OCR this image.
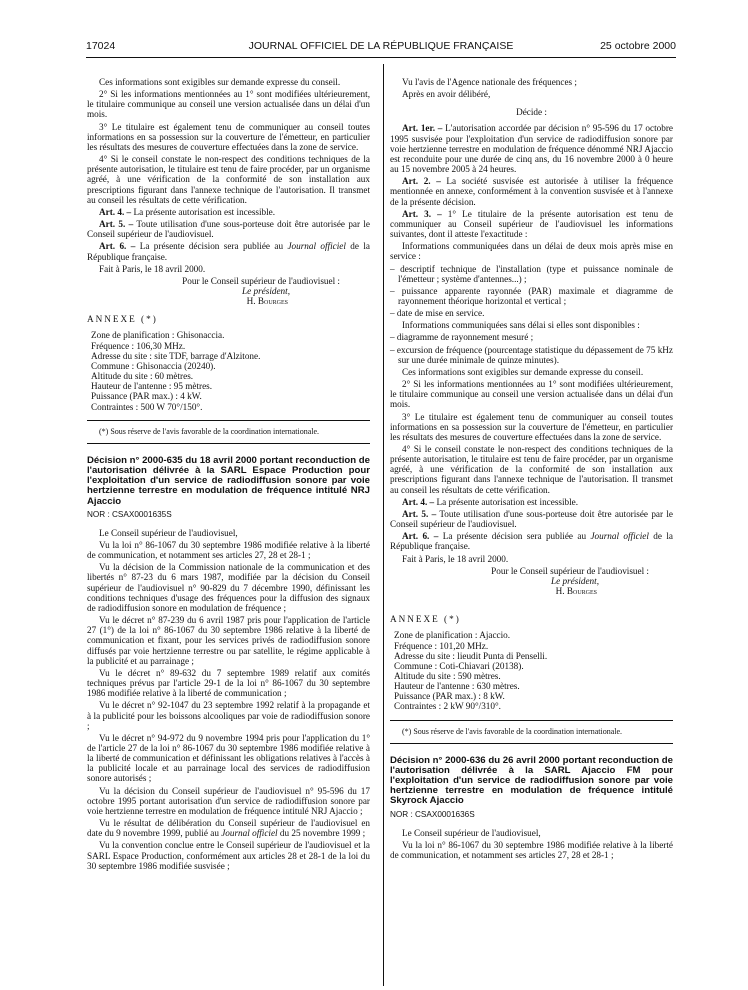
17024	JOURNAL OFFICIEL DE LA RÉPUBLIQUE FRANÇAISE	25 octobre 2000

Ces informations sont exigibles sur demande expresse du conseil.

2° Si les informations mentionnées au 1° sont modifiées ultérieurement, le titulaire communique au conseil une version actualisée dans un délai d'un mois.

3° Le titulaire est également tenu de communiquer au conseil toutes informations en sa possession sur la couverture de l'émetteur, en particulier les résultats des mesures de couverture effectuées dans la zone de service.

4° Si le conseil constate le non-respect des conditions techniques de la présente autorisation, le titulaire est tenu de faire procéder, par un organisme agréé, à une vérification de la conformité de son installation aux prescriptions figurant dans l'annexe technique de l'autorisation. Il transmet au conseil les résultats de cette vérification.

Art. 4. – La présente autorisation est incessible.

Art. 5. – Toute utilisation d'une sous-porteuse doit être autorisée par le Conseil supérieur de l'audiovisuel.

Art. 6. – La présente décision sera publiée au Journal officiel de la République française.

Fait à Paris, le 18 avril 2000.

Pour le Conseil supérieur de l'audiovisuel :

Le président,

H. Bourges

ANNEXE (*)

Zone de planification : Ghisonaccia.

Fréquence : 106,30 MHz.

Adresse du site : site TDF, barrage d'Alzitone.

Commune : Ghisonaccia (20240).

Altitude du site : 60 mètres.

Hauteur de l'antenne : 95 mètres.

Puissance (PAR max.) : 4 kW.

Contraintes : 500 W 70°/150°.

(*) Sous réserve de l'avis favorable de la coordination internationale.

Décision n° 2000-635 du 18 avril 2000 portant reconduction de l'autorisation délivrée à la SARL Espace Production pour l'exploitation d'un service de radiodiffusion sonore par voie hertzienne terrestre en modulation de fréquence intitulé NRJ Ajaccio

NOR : CSAX0001635S

Le Conseil supérieur de l'audiovisuel,

Vu la loi n° 86-1067 du 30 septembre 1986 modifiée relative à la liberté de communication, et notamment ses articles 27, 28 et 28-1 ;

Vu la décision de la Commission nationale de la communication et des libertés n° 87-23 du 6 mars 1987, modifiée par la décision du Conseil supérieur de l'audiovisuel n° 90-829 du 7 décembre 1990, définissant les conditions techniques d'usage des fréquences pour la diffusion des signaux de radiodiffusion sonore en modulation de fréquence ;

Vu le décret n° 87-239 du 6 avril 1987 pris pour l'application de l'article 27 (1°) de la loi n° 86-1067 du 30 septembre 1986 relative à la liberté de communication et fixant, pour les services privés de radiodiffusion sonore diffusés par voie hertzienne terrestre ou par satellite, le régime applicable à la publicité et au parrainage ;

Vu le décret n° 89-632 du 7 septembre 1989 relatif aux comités techniques prévus par l'article 29-1 de la loi n° 86-1067 du 30 septembre 1986 modifiée relative à la liberté de communication ;

Vu le décret n° 92-1047 du 23 septembre 1992 relatif à la propagande et à la publicité pour les boissons alcooliques par voie de radiodiffusion sonore ;

Vu le décret n° 94-972 du 9 novembre 1994 pris pour l'application du 1° de l'article 27 de la loi n° 86-1067 du 30 septembre 1986 modifiée relative à la liberté de communication et définissant les obligations relatives à l'accès à la publicité locale et au parrainage local des services de radiodiffusion sonore autorisés ;

Vu la décision du Conseil supérieur de l'audiovisuel n° 95-596 du 17 octobre 1995 portant autorisation d'un service de radiodiffusion sonore par voie hertzienne terrestre en modulation de fréquence intitulé NRJ Ajaccio ;

Vu le résultat de délibération du Conseil supérieur de l'audiovisuel en date du 9 novembre 1999, publié au Journal officiel du 25 novembre 1999 ;

Vu la convention conclue entre le Conseil supérieur de l'audiovisuel et la SARL Espace Production, conformément aux articles 28 et 28-1 de la loi du 30 septembre 1986 modifiée susvisée ;

Vu l'avis de l'Agence nationale des fréquences ;

Après en avoir délibéré,

Décide :

Art. 1er. – L'autorisation accordée par décision n° 95-596 du 17 octobre 1995 susvisée pour l'exploitation d'un service de radiodiffusion sonore par voie hertzienne terrestre en modulation de fréquence dénommé NRJ Ajaccio est reconduite pour une durée de cinq ans, du 16 novembre 2000 à 0 heure au 15 novembre 2005 à 24 heures.

Art. 2. – La société susvisée est autorisée à utiliser la fréquence mentionnée en annexe, conformément à la convention susvisée et à l'annexe de la présente décision.

Art. 3. – 1° Le titulaire de la présente autorisation est tenu de communiquer au Conseil supérieur de l'audiovisuel les informations suivantes, dont il atteste l'exactitude :

Informations communiquées dans un délai de deux mois après mise en service :

– descriptif technique de l'installation (type et puissance nominale de l'émetteur ; système d'antennes...) ;

– puissance apparente rayonnée (PAR) maximale et diagramme de rayonnement théorique horizontal et vertical ;

– date de mise en service.

Informations communiquées sans délai si elles sont disponibles :

– diagramme de rayonnement mesuré ;

– excursion de fréquence (pourcentage statistique du dépassement de 75 kHz sur une durée minimale de quinze minutes).

Ces informations sont exigibles sur demande expresse du conseil.

2° Si les informations mentionnées au 1° sont modifiées ultérieurement, le titulaire communique au conseil une version actualisée dans un délai d'un mois.

3° Le titulaire est également tenu de communiquer au conseil toutes informations en sa possession sur la couverture de l'émetteur, en particulier les résultats des mesures de couverture effectuées dans la zone de service.

4° Si le conseil constate le non-respect des conditions techniques de la présente autorisation, le titulaire est tenu de faire procéder, par un organisme agréé, à une vérification de la conformité de son installation aux prescriptions figurant dans l'annexe technique de l'autorisation. Il transmet au conseil les résultats de cette vérification.

Art. 4. – La présente autorisation est incessible.

Art. 5. – Toute utilisation d'une sous-porteuse doit être autorisée par le Conseil supérieur de l'audiovisuel.

Art. 6. – La présente décision sera publiée au Journal officiel de la République française.

Fait à Paris, le 18 avril 2000.

Pour le Conseil supérieur de l'audiovisuel :

Le président,

H. Bourges

ANNEXE (*)

Zone de planification : Ajaccio.

Fréquence : 101,20 MHz.

Adresse du site : lieudit Punta di Penselli.

Commune : Coti-Chiavari (20138).

Altitude du site : 590 mètres.

Hauteur de l'antenne : 630 mètres.

Puissance (PAR max.) : 8 kW.

Contraintes : 2 kW 90°/310°.

(*) Sous réserve de l'avis favorable de la coordination internationale.

Décision n° 2000-636 du 26 avril 2000 portant reconduction de l'autorisation délivrée à la SARL Ajaccio FM pour l'exploitation d'un service de radiodiffusion sonore par voie hertzienne terrestre en modulation de fréquence intitulé Skyrock Ajaccio

NOR : CSAX0001636S

Le Conseil supérieur de l'audiovisuel,

Vu la loi n° 86-1067 du 30 septembre 1986 modifiée relative à la liberté de communication, et notamment ses articles 27, 28 et 28-1 ;
